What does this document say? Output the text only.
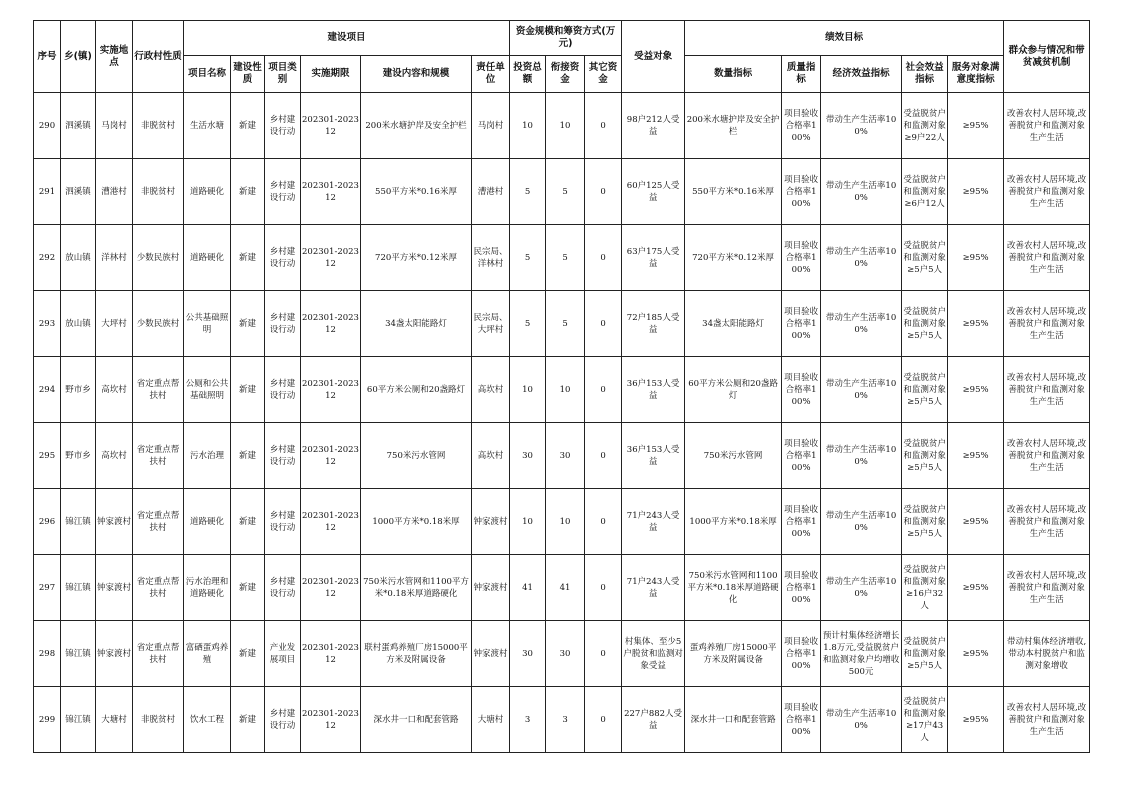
序号	乡(镇)	实施地点	行政村性质	建设项目						资金规模和筹资方式(万元)			受益对象	绩效目标					群众参与情况和带贫减贫机制
				项目名称	建设性质	项目类别	实施期限	建设内容和规模	责任单位	投资总额	衔接资金	其它资金		数量指标	质量指标	经济效益指标	社会效益指标	服务对象满意度指标	
290	泗溪镇	马岗村	非脱贫村	生活水塘	新建	乡村建设行动	202301-202312	200米水塘护岸及安全护栏	马岗村	10	10	0	98户212人受益	200米水塘护岸及安全护栏	项目验收合格率100%	带动生产生活率100%	受益脱贫户和监测对象≥9户22人	≥95%	改善农村人居环境,改善脱贫户和监测对象生产生活
291	泗溪镇	漕港村	非脱贫村	道路硬化	新建	乡村建设行动	202301-202312	550平方米*0.16米厚	漕港村	5	5	0	60户125人受益	550平方米*0.16米厚	项目验收合格率100%	带动生产生活率100%	受益脱贫户和监测对象≥6户12人	≥95%	改善农村人居环境,改善脱贫户和监测对象生产生活
292	放山镇	洋林村	少数民族村	道路硬化	新建	乡村建设行动	202301-202312	720平方米*0.12米厚	民宗局、洋林村	5	5	0	63户175人受益	720平方米*0.12米厚	项目验收合格率100%	带动生产生活率100%	受益脱贫户和监测对象≥5户5人	≥95%	改善农村人居环境,改善脱贫户和监测对象生产生活
293	放山镇	大坪村	少数民族村	公共基础照明	新建	乡村建设行动	202301-202312	34盏太阳能路灯	民宗局、大坪村	5	5	0	72户185人受益	34盏太阳能路灯	项目验收合格率100%	带动生产生活率100%	受益脱贫户和监测对象≥5户5人	≥95%	改善农村人居环境,改善脱贫户和监测对象生产生活
294	野市乡	高坎村	省定重点帮扶村	公厕和公共基础照明	新建	乡村建设行动	202301-202312	60平方米公厕和20盏路灯	高坎村	10	10	0	36户153人受益	60平方米公厕和20盏路灯	项目验收合格率100%	带动生产生活率100%	受益脱贫户和监测对象≥5户5人	≥95%	改善农村人居环境,改善脱贫户和监测对象生产生活
295	野市乡	高坎村	省定重点帮扶村	污水治理	新建	乡村建设行动	202301-202312	750米污水管网	高坎村	30	30	0	36户153人受益	750米污水管网	项目验收合格率100%	带动生产生活率100%	受益脱贫户和监测对象≥5户5人	≥95%	改善农村人居环境,改善脱贫户和监测对象生产生活
296	锦江镇	钟家渡村	省定重点帮扶村	道路硬化	新建	乡村建设行动	202301-202312	1000平方米*0.18米厚	钟家渡村	10	10	0	71户243人受益	1000平方米*0.18米厚	项目验收合格率100%	带动生产生活率100%	受益脱贫户和监测对象≥5户5人	≥95%	改善农村人居环境,改善脱贫户和监测对象生产生活
297	锦江镇	钟家渡村	省定重点帮扶村	污水治理和道路硬化	新建	乡村建设行动	202301-202312	750米污水管网和1100平方米*0.18米厚道路硬化	钟家渡村	41	41	0	71户243人受益	750米污水管网和1100平方米*0.18米厚道路硬化	项目验收合格率100%	带动生产生活率100%	受益脱贫户和监测对象≥16户32人	≥95%	改善农村人居环境,改善脱贫户和监测对象生产生活
298	锦江镇	钟家渡村	省定重点帮扶村	富硒蛋鸡养殖	新建	产业发展项目	202301-202312	联村蛋鸡养殖厂房15000平方米及附属设备	钟家渡村	30	30	0	村集体、至少5户脱贫和监测对象受益	蛋鸡养殖厂房15000平方米及附属设备	项目验收合格率100%	预计村集体经济增长1.8万元,受益脱贫户和监测对象户均增收500元	受益脱贫户和监测对象≥5户5人	≥95%	带动村集体经济增收,带动本村脱贫户和监测对象增收
299	锦江镇	大塘村	非脱贫村	饮水工程	新建	乡村建设行动	202301-202312	深水井一口和配套管路	大塘村	3	3	0	227户882人受益	深水井一口和配套管路	项目验收合格率100%	带动生产生活率100%	受益脱贫户和监测对象≥17户43人	≥95%	改善农村人居环境,改善脱贫户和监测对象生产生活
